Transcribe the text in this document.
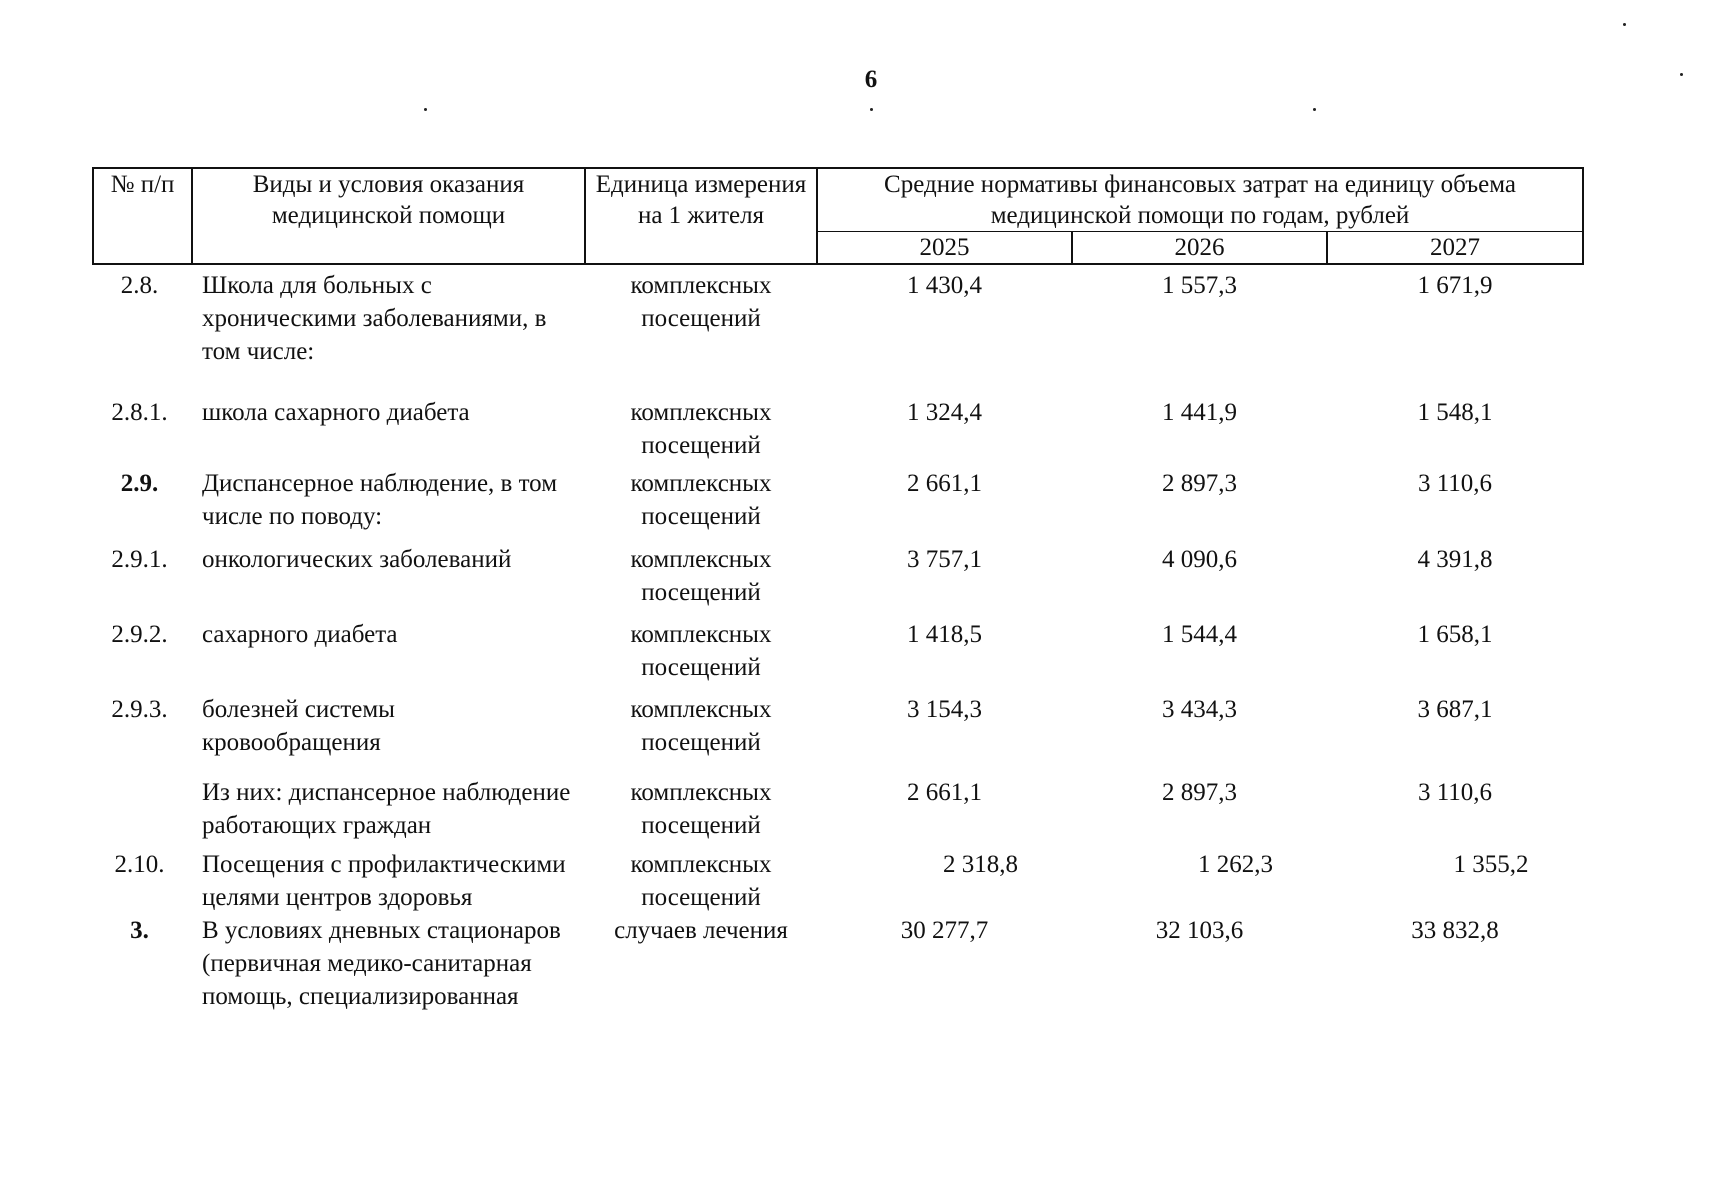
6
№ п/п	Виды и условия оказания медицинской помощи	Единица измерения на 1 жителя	Средние нормативы финансовых затрат на единицу объема медицинской помощи по годам, рублей		
			2025	2026	2027
2.8.	Школа для больных с хроническими заболеваниями, в том числе:	комплексных посещений	1 430,4	1 557,3	1 671,9
2.8.1.	школа сахарного диабета	комплексных посещений	1 324,4	1 441,9	1 548,1
2.9.	Диспансерное наблюдение, в том числе по поводу:	комплексных посещений	2 661,1	2 897,3	3 110,6
2.9.1.	онкологических заболеваний	комплексных посещений	3 757,1	4 090,6	4 391,8
2.9.2.	сахарного диабета	комплексных посещений	1 418,5	1 544,4	1 658,1
2.9.3.	болезней системы кровообращения	комплексных посещений	3 154,3	3 434,3	3 687,1
	Из них: диспансерное наблюдение работающих граждан	комплексных посещений	2 661,1	2 897,3	3 110,6
2.10.	Посещения с профилактическими целями центров здоровья	комплексных посещений	2 318,8	1 262,3	1 355,2
3.	В условиях дневных стационаров (первичная медико-санитарная помощь, специализированная	случаев лечения	30 277,7	32 103,6	33 832,8
